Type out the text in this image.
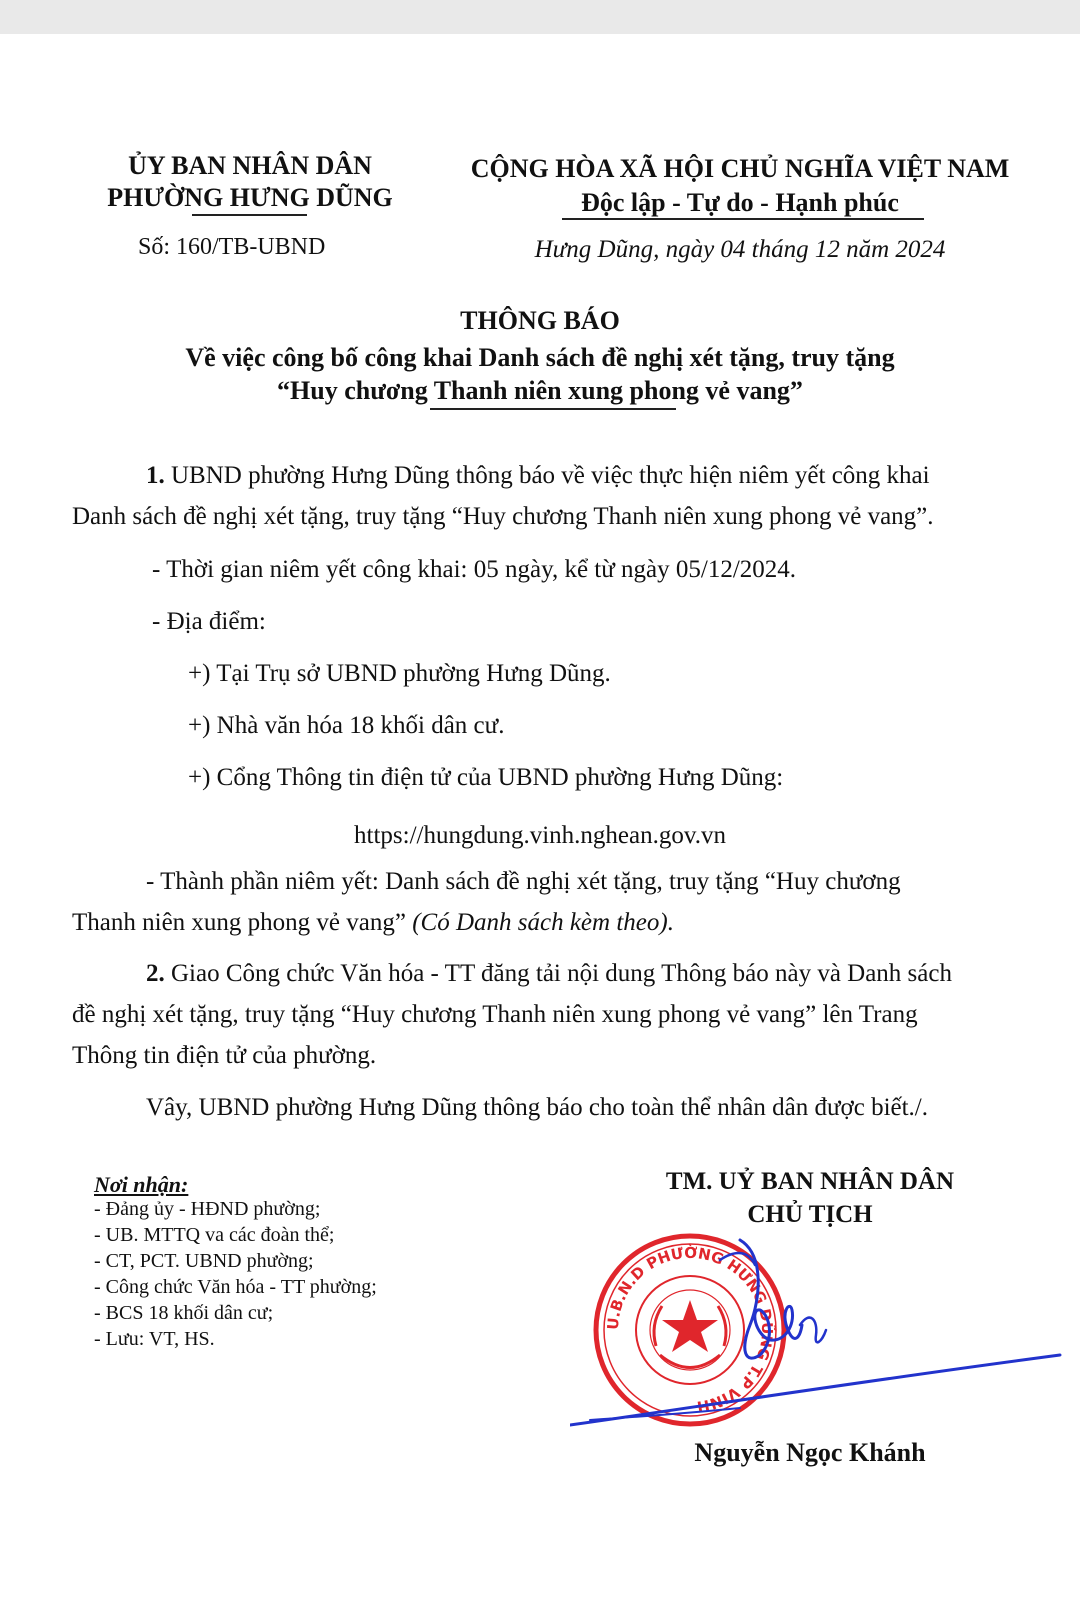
ỦY BAN NHÂN DÂN
PHƯỜNG HƯNG DŨNG
Số: 160/TB-UBND
CỘNG HÒA XÃ HỘI CHỦ NGHĨA VIỆT NAM
Độc lập - Tự do - Hạnh phúc
Hưng Dũng, ngày 04 tháng 12 năm 2024
THÔNG BÁO
Về việc công bố công khai Danh sách đề nghị xét tặng, truy tặng
“Huy chương Thanh niên xung phong vẻ vang”
1. UBND phường Hưng Dũng thông báo về việc thực hiện niêm yết công khai
Danh sách đề nghị xét tặng, truy tặng “Huy chương Thanh niên xung phong vẻ vang”.
- Thời gian niêm yết công khai: 05 ngày, kể từ ngày 05/12/2024.
- Địa điểm:
+) Tại Trụ sở UBND phường Hưng Dũng.
+) Nhà văn hóa 18 khối dân cư.
+) Cổng Thông tin điện tử của UBND phường Hưng Dũng:
https://hungdung.vinh.nghean.gov.vn
- Thành phần niêm yết: Danh sách đề nghị xét tặng, truy tặng “Huy chương
Thanh niên xung phong vẻ vang” (Có Danh sách kèm theo).
2. Giao Công chức Văn hóa - TT đăng tải nội dung Thông báo này và Danh sách
đề nghị xét tặng, truy tặng “Huy chương Thanh niên xung phong vẻ vang” lên Trang
Thông tin điện tử của phường.
Vây, UBND phường Hưng Dũng thông báo cho toàn thể nhân dân được biết./.
Nơi nhận:
- Đảng ủy - HĐND phường;
- UB. MTTQ va các đoàn thể;
- CT, PCT. UBND phường;
- Công chức Văn hóa - TT phường;
- BCS 18 khối dân cư;
- Lưu: VT, HS.
TM. UỶ BAN NHÂN DÂN
CHỦ TỊCH
U.B.N.D PHƯỜNG HƯNG DŨNG T.P VINH
Nguyễn Ngọc Khánh
